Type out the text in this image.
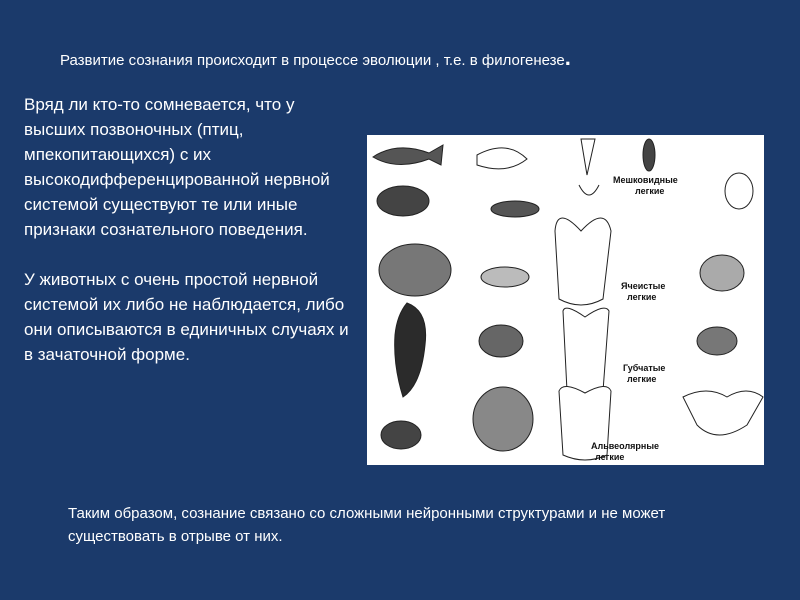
Развитие сознания происходит в процессе эволюции , т.е. в филогенезе.

Вряд ли кто-то сомневается, что у высших позвоночных (птиц, мпекопитающихся) с их высокодифференцированной нервной системой существуют те или иные признаки сознательного поведения.

У животных с очень простой нервной системой их либо не наблюдается, либо они описываются в единичных случаях и в зачаточной форме.

Мешковидные
легкие
Ячеистые
легкие
Губчатые
легкие
Альвеолярные
легкие
Таким образом, сознание связано со сложными нейронными структурами и не может существовать в отрыве от них.
